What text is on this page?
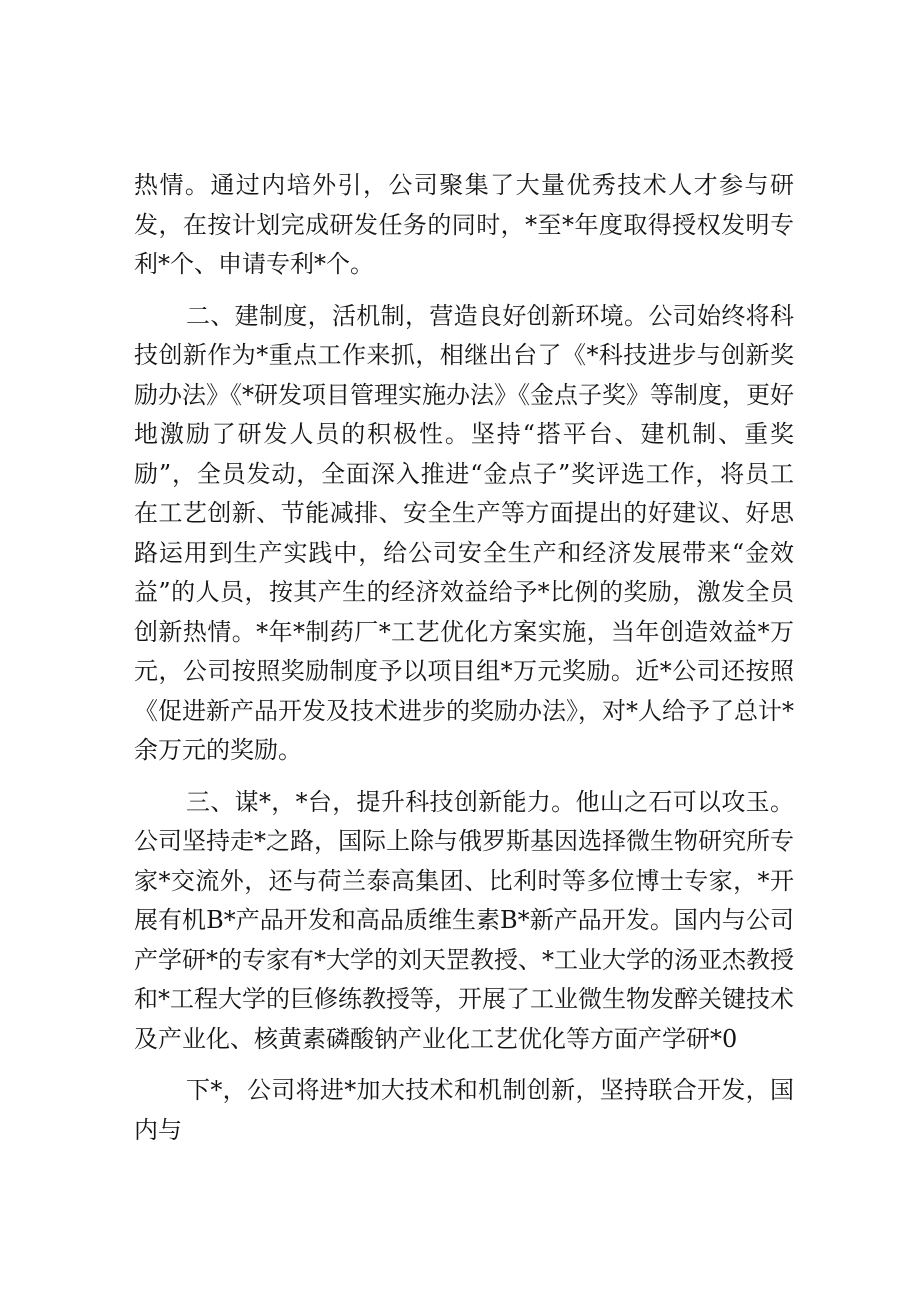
热情。通过内培外引，公司聚集了大量优秀技术人才参与研发，在按计划完成研发任务的同时，*至*年度取得授权发明专利*个、申请专利*个。

二、建制度，活机制，营造良好创新环境。公司始终将科技创新作为*重点工作来抓，相继出台了《*科技进步与创新奖励办法》《*研发项目管理实施办法》《金点子奖》等制度，更好地激励了研发人员的积极性。坚持“搭平台、建机制、重奖励”，全员发动，全面深入推进“金点子”奖评选工作，将员工在工艺创新、节能减排、安全生产等方面提出的好建议、好思路运用到生产实践中，给公司安全生产和经济发展带来“金效益”的人员，按其产生的经济效益给予*比例的奖励，激发全员创新热情。*年*制药厂*工艺优化方案实施，当年创造效益*万元，公司按照奖励制度予以项目组*万元奖励。近*公司还按照《促进新产品开发及技术进步的奖励办法》，对*人给予了总计*余万元的奖励。

三、谋*，*台，提升科技创新能力。他山之石可以攻玉。公司坚持走*之路，国际上除与俄罗斯基因选择微生物研究所专家*交流外，还与荷兰泰高集团、比利时等多位博士专家，*开展有机B*产品开发和高品质维生素B*新产品开发。国内与公司产学研*的专家有*大学的刘天罡教授、*工业大学的汤亚杰教授和*工程大学的巨修练教授等，开展了工业微生物发醉关键技术及产业化、核黄素磷酸钠产业化工艺优化等方面产学研*0

下*，公司将进*加大技术和机制创新，坚持联合开发，国内与
